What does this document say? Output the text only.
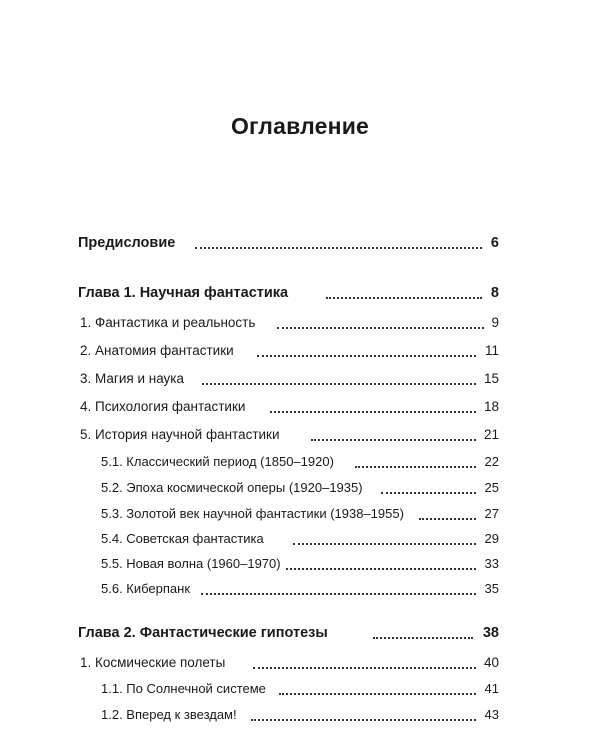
Оглавление
Предисловие	6
Глава 1. Научная фантастика	8
1. Фантастика и реальность	9
2. Анатомия фантастики	11
3. Магия и наука	15
4. Психология фантастики	18
5. История научной фантастики	21
5.1. Классический период (1850–1920)	22
5.2. Эпоха космической оперы (1920–1935)	25
5.3. Золотой век научной фантастики (1938–1955)	27
5.4. Советская фантастика	29
5.5. Новая волна (1960–1970)	33
5.6. Киберпанк	35
Глава 2. Фантастические гипотезы	38
1. Космические полеты	40
1.1. По Солнечной системе	41
1.2. Вперед к звездам!	43
